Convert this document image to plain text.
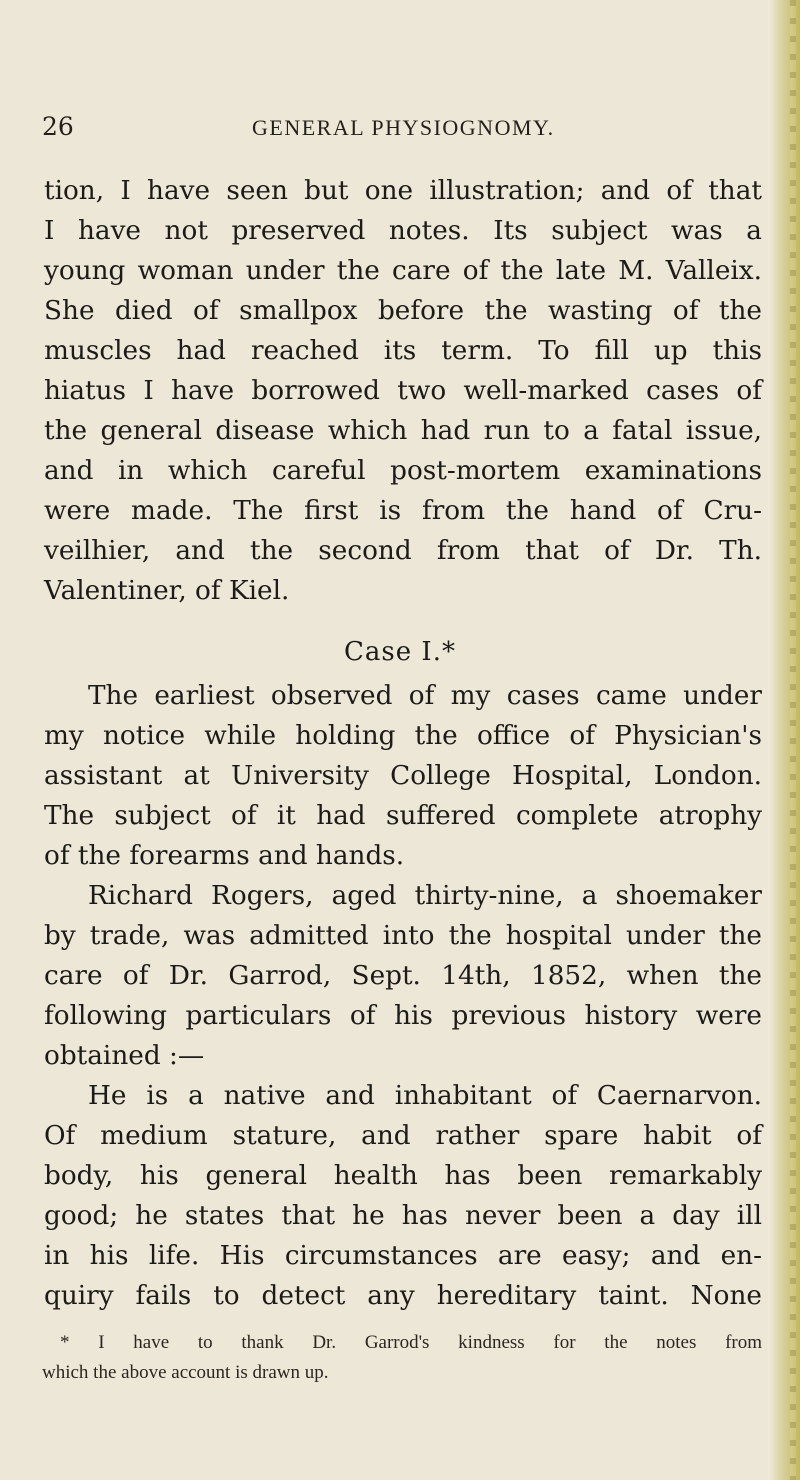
26	GENERAL PHYSIOGNOMY.
tion, I have seen but one illustration; and of that
I have not preserved notes. Its subject was a
young woman under the care of the late M. Valleix.
She died of smallpox before the wasting of the
muscles had reached its term. To fill up this
hiatus I have borrowed two well-marked cases of
the general disease which had run to a fatal issue,
and in which careful post-mortem examinations
were made. The first is from the hand of Cru-
veilhier, and the second from that of Dr. Th.
Valentiner, of Kiel.
Case I.*
The earliest observed of my cases came under
my notice while holding the office of Physician's
assistant at University College Hospital, London.
The subject of it had suffered complete atrophy
of the forearms and hands.
Richard Rogers, aged thirty-nine, a shoemaker
by trade, was admitted into the hospital under the
care of Dr. Garrod, Sept. 14th, 1852, when the
following particulars of his previous history were
obtained :—
He is a native and inhabitant of Caernarvon.
Of medium stature, and rather spare habit of
body, his general health has been remarkably
good; he states that he has never been a day ill
in his life. His circumstances are easy; and en-
quiry fails to detect any hereditary taint. None
* I have to thank Dr. Garrod's kindness for the notes from
which the above account is drawn up.
